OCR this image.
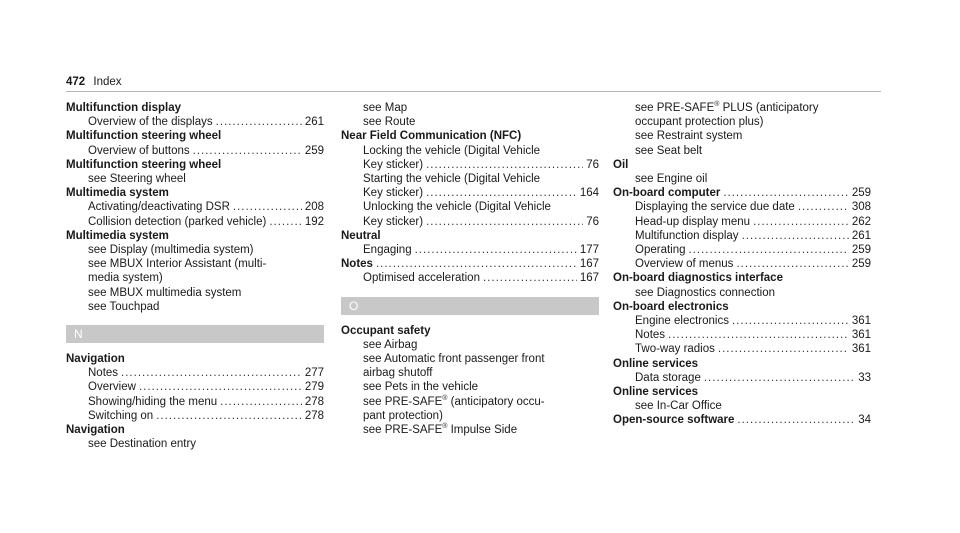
472 Index
Multifunction display
Overview of the displays .....	261
Multifunction steering wheel
Overview of buttons .....	259
Multifunction steering wheel
see Steering wheel
Multimedia system
Activating/deactivating DSR .....	208
Collision detection (parked vehicle) .....	192
Multimedia system
see Display (multimedia system)
see MBUX Interior Assistant (multi-
media system)
see MBUX multimedia system
see Touchpad
N
Navigation
Notes .....	277
Overview .....	279
Showing/hiding the menu .....	278
Switching on .....	278
Navigation
see Destination entry
see Map
see Route
Near Field Communication (NFC)
Locking the vehicle (Digital Vehicle
Key sticker) .....	76
Starting the vehicle (Digital Vehicle
Key sticker) .....	164
Unlocking the vehicle (Digital Vehicle
Key sticker) .....	76
Neutral
Engaging .....	177
Notes .....	167
Optimised acceleration .....	167
O
Occupant safety
see Airbag
see Automatic front passenger front
airbag shutoff
see Pets in the vehicle
see PRE-SAFE® (anticipatory occu-
pant protection)
see PRE-SAFE® Impulse Side
see PRE-SAFE® PLUS (anticipatory
occupant protection plus)
see Restraint system
see Seat belt
Oil
see Engine oil
On-board computer .....	259
Displaying the service due date .....	308
Head-up display menu .....	262
Multifunction display .....	261
Operating .....	259
Overview of menus .....	259
On-board diagnostics interface
see Diagnostics connection
On-board electronics
Engine electronics .....	361
Notes .....	361
Two-way radios .....	361
Online services
Data storage .....	33
Online services
see In-Car Office
Open-source software .....	34
